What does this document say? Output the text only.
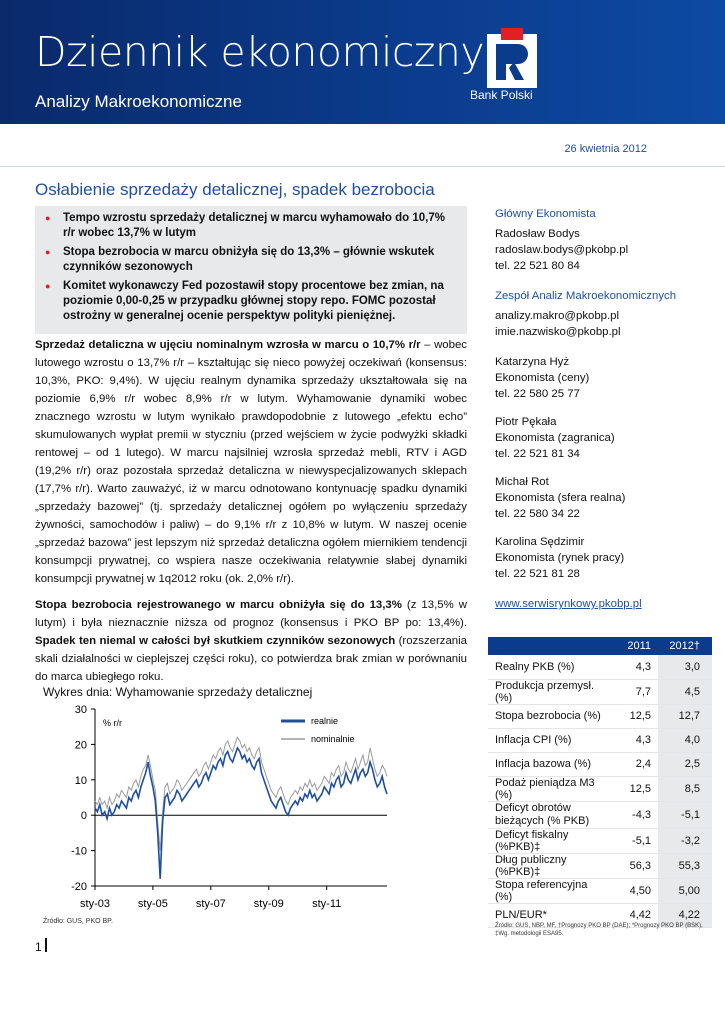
Dziennik ekonomiczny
Analizy Makroekonomiczne	Bank Polski
26 kwietnia 2012
Osłabienie sprzedaży detalicznej, spadek bezrobocia
● Tempo wzrostu sprzedaży detalicznej w marcu wyhamowało do 10,7% r/r wobec 13,7% w lutym
● Stopa bezrobocia w marcu obniżyła się do 13,3% – głównie wskutek czynników sezonowych
● Komitet wykonawczy Fed pozostawił stopy procentowe bez zmian, na poziomie 0,00-0,25 w przypadku głównej stopy repo. FOMC pozostał ostrożny w generalnej ocenie perspektyw polityki pieniężnej.
Sprzedaż detaliczna w ujęciu nominalnym wzrosła w marcu o 10,7% r/r – wobec lutowego wzrostu o 13,7% r/r – kształtując się nieco powyżej oczekiwań (konsensus: 10,3%, PKO: 9,4%). W ujęciu realnym dynamika sprzedaży ukształtowała się na poziomie 6,9% r/r wobec 8,9% r/r w lutym. Wyhamowanie dynamiki wobec znacznego wzrostu w lutym wynikało prawdopodobnie z lutowego „efektu echo” skumulowanych wypłat premii w styczniu (przed wejściem w życie podwyżki składki rentowej – od 1 lutego). W marcu najsilniej wzrosła sprzedaż mebli, RTV i AGD (19,2% r/r) oraz pozostała sprzedaż detaliczna w niewyspecjalizowanych sklepach (17,7% r/r). Warto zauważyć, iż w marcu odnotowano kontynuację spadku dynamiki „sprzedaży bazowej” (tj. sprzedaży detalicznej ogółem po wyłączeniu sprzedaży żywności, samochodów i paliw) – do 9,1% r/r z 10,8% w lutym. W naszej ocenie „sprzedaż bazowa” jest lepszym niż sprzedaż detaliczna ogółem miernikiem tendencji konsumpcji prywatnej, co wspiera nasze oczekiwania relatywnie słabej dynamiki konsumpcji prywatnej w 1q2012 roku (ok. 2,0% r/r).
Stopa bezrobocia rejestrowanego w marcu obniżyła się do 13,3% (z 13,5% w lutym) i była nieznacznie niższa od prognoz (konsensus i PKO BP po: 13,4%). Spadek ten niemal w całości był skutkiem czynników sezonowych (rozszerzania skali działalności w cieplejszej części roku), co potwierdza brak zmian w porównaniu do marca ubiegłego roku.
Wykres dnia: Wyhamowanie sprzedaży detalicznej
30
20
10
0
-10
-20
sty-03	sty-05	sty-07	sty-09	sty-11
% r/r	realnie
nominalnie
Źródło: GUS, PKO BP.
1
Główny Ekonomista
Radosław Bodys
radoslaw.bodys@pkobp.pl
tel. 22 521 80 84
Zespół Analiz Makroekonomicznych
analizy.makro@pkobp.pl
imie.nazwisko@pkobp.pl
Katarzyna Hyż
Ekonomista (ceny)
tel. 22 580 25 77
Piotr Pękała
Ekonomista (zagranica)
tel. 22 521 81 34
Michał Rot
Ekonomista (sfera realna)
tel. 22 580 34 22
Karolina Sędzimir
Ekonomista (rynek pracy)
tel. 22 521 81 28
www.serwisrynkowy.pkobp.pl
	2011	2012†
Realny PKB (%)	4,3	3,0
Produkcja przemysł. (%)	7,7	4,5
Stopa bezrobocia (%)	12,5	12,7
Inflacja CPI (%)	4,3	4,0
Inflacja bazowa (%)	2,4	2,5
Podaż pieniądza M3 (%)	12,5	8,5
Deficyt obrotów bieżących (% PKB)	-4,3	-5,1
Deficyt fiskalny (%PKB)‡	-5,1	-3,2
Dług publiczny (%PKB)‡	56,3	55,3
Stopa referencyjna (%)	4,50	5,00
PLN/EUR*	4,42	4,22
Źródło: GUS, NBP, MF, †Prognozy PKO BP (DAE); *Prognozy PKO BP (BSK), ‡Wg. metodologii ESA95.
